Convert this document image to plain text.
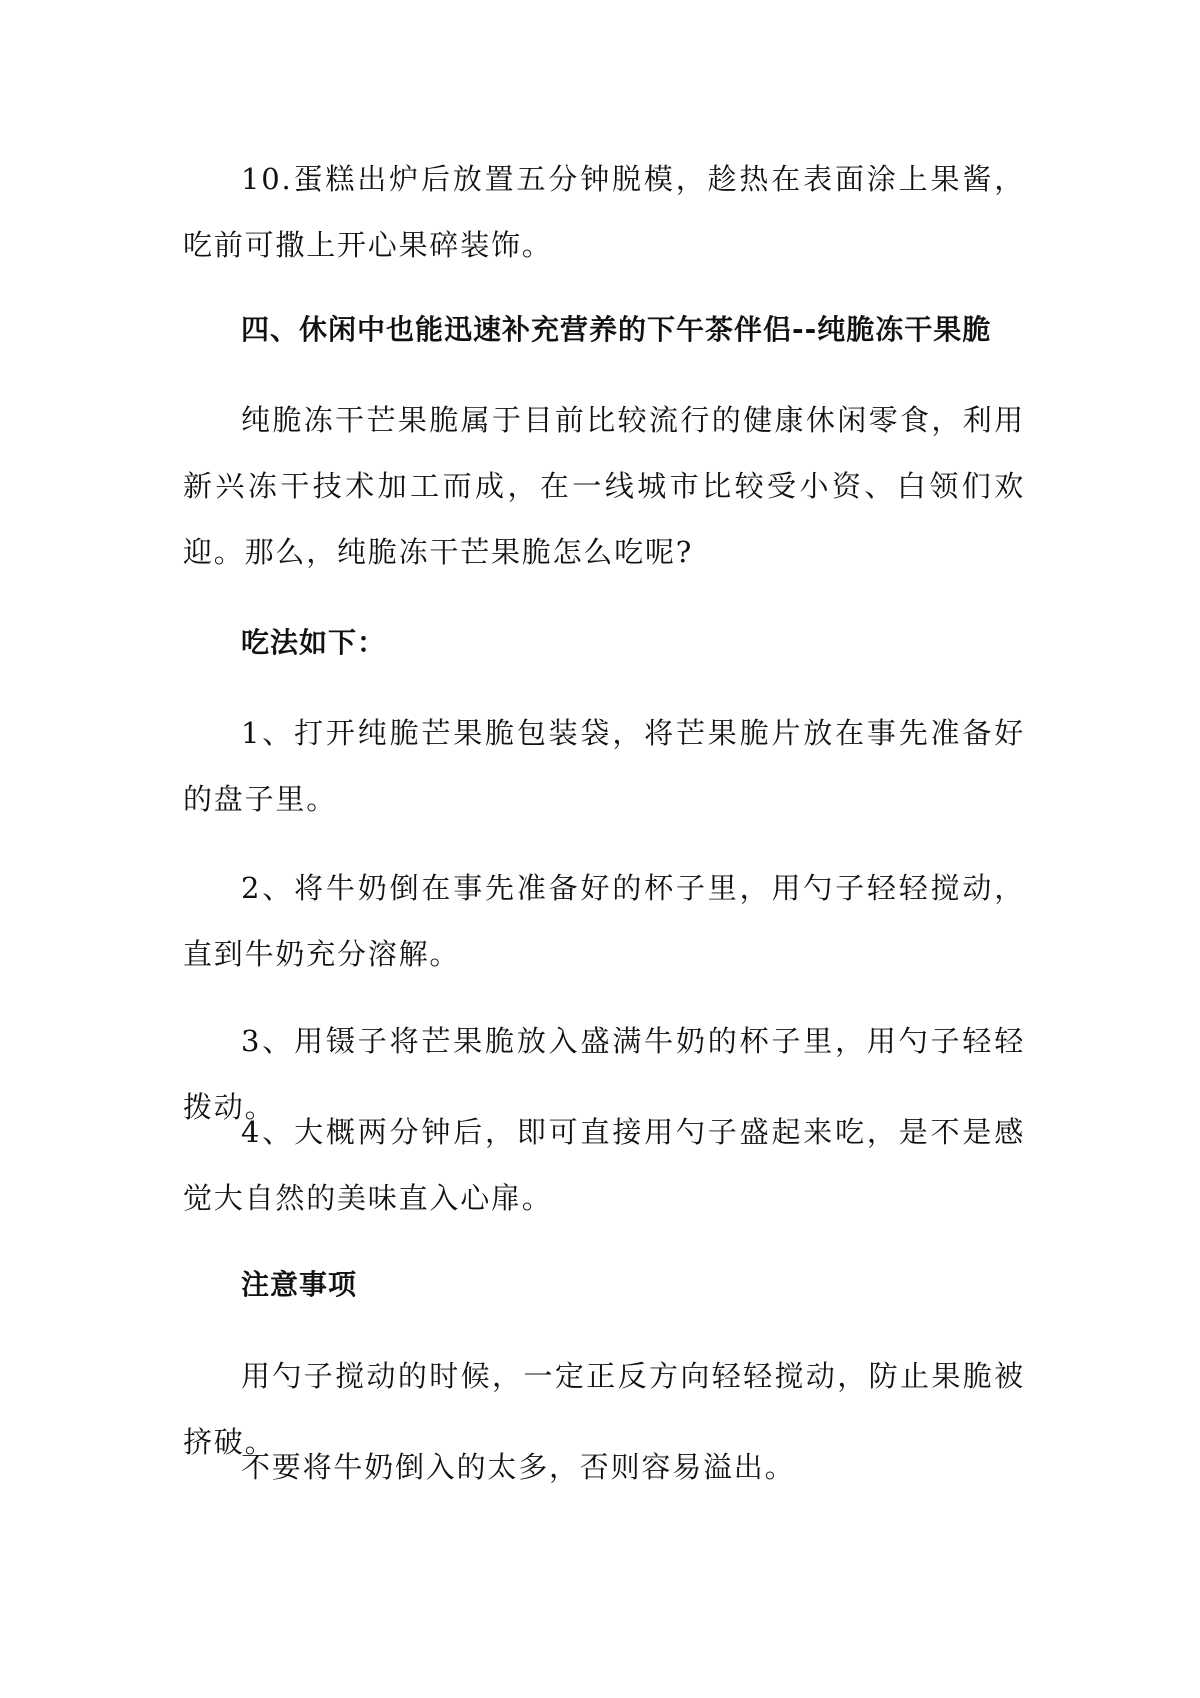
10.蛋糕出炉后放置五分钟脱模，趁热在表面涂上果酱，吃前可撒上开心果碎装饰。

四、休闲中也能迅速补充营养的下午茶伴侣--纯脆冻干果脆

纯脆冻干芒果脆属于目前比较流行的健康休闲零食，利用新兴冻干技术加工而成，在一线城市比较受小资、白领们欢迎。那么，纯脆冻干芒果脆怎么吃呢?

吃法如下：

1、打开纯脆芒果脆包装袋，将芒果脆片放在事先准备好的盘子里。

2、将牛奶倒在事先准备好的杯子里，用勺子轻轻搅动，直到牛奶充分溶解。

3、用镊子将芒果脆放入盛满牛奶的杯子里，用勺子轻轻拨动。

4、大概两分钟后，即可直接用勺子盛起来吃，是不是感觉大自然的美味直入心扉。

注意事项

用勺子搅动的时候，一定正反方向轻轻搅动，防止果脆被挤破。

不要将牛奶倒入的太多，否则容易溢出。
